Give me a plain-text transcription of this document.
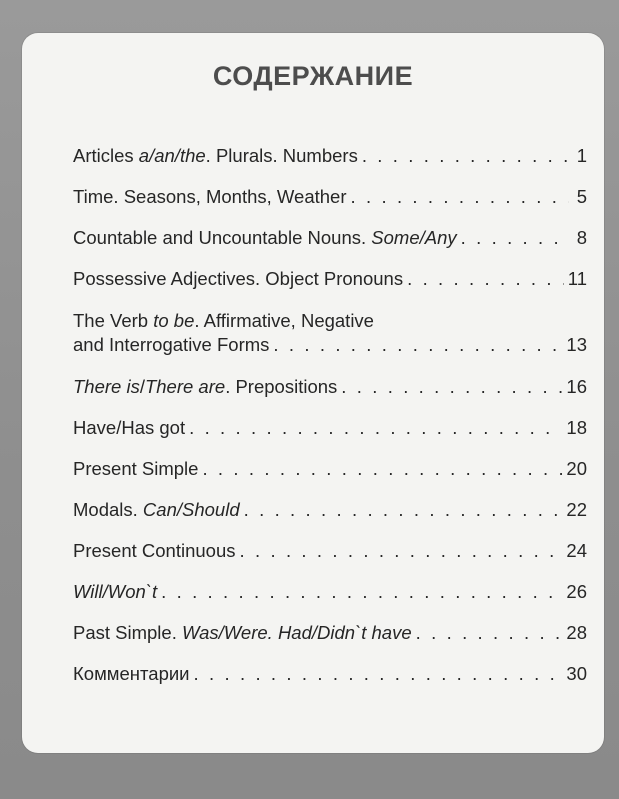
СОДЕРЖАНИЕ
Articles a/an/the. Plurals. Numbers . . .	1
Time. Seasons, Months, Weather . . .	5
Countable and Uncountable Nouns. Some/Any . . .	8
Possessive Adjectives. Object Pronouns . . .	11
The Verb to be. Affirmative, Negative
and Interrogative Forms . . .	13
There is/There are. Prepositions . . .	16
Have/Has got . . .	18
Present Simple . . .	20
Modals. Can/Should . . .	22
Present Continuous . . .	24
Will/Won`t . . .	26
Past Simple. Was/Were. Had/Didn`t have . . .	28
Комментарии . . .	30
